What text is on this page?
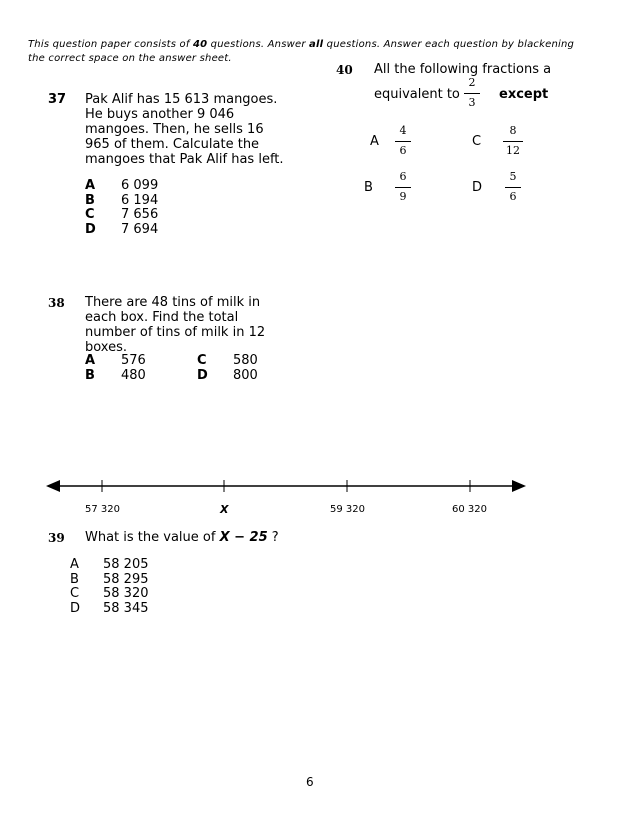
This question paper consists of 40 questions. Answer all questions. Answer each question by blackening
the correct space on the answer sheet.
37 Pak Alif has 15 613 mangoes.
He buys another 9 046
mangoes. Then, he sells 16
965 of them. Calculate the
mangoes that Pak Alif has left.
A 6 099
B 6 194
C 7 656
D 7 694
38 There are 48 tins of milk in
each box. Find the total
number of tins of milk in 12
boxes.
A 576
B 480
C 580
D 800
57 320	X	59 320	60 320
39 What is the value of X − 25 ?
A 58 205
B 58 295
C 58 320
D 58 345
40 All the following fractions a
equivalent to
2
3
except
A
4
6
C
8
12
B
6
9
D
5
6
6
